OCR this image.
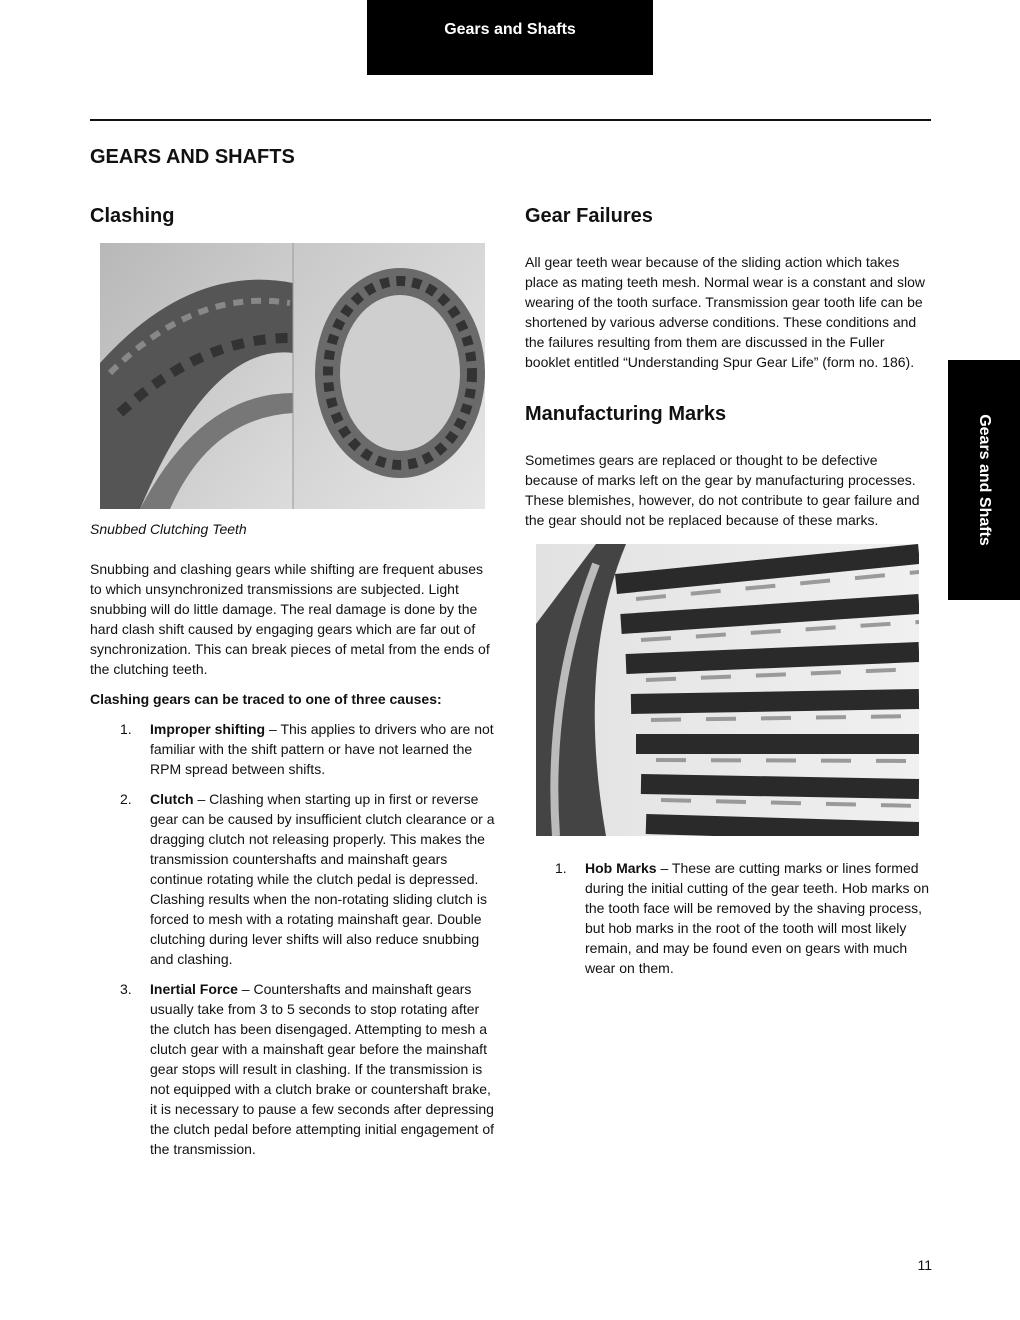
Gears and Shafts
GEARS AND SHAFTS
Clashing

Snubbed Clutching Teeth

Snubbing and clashing gears while shifting are frequent abuses to which unsynchronized transmissions are subjected. Light snubbing will do little damage. The real damage is done by the hard clash shift caused by engaging gears which are far out of synchronization. This can break pieces of metal from the ends of the clutching teeth.

Clashing gears can be traced to one of three causes:

1. Improper shifting – This applies to drivers who are not familiar with the shift pattern or have not learned the RPM spread between shifts.
2. Clutch – Clashing when starting up in first or reverse gear can be caused by insufficient clutch clearance or a dragging clutch not releasing properly. This makes the transmission countershafts and mainshaft gears continue rotating while the clutch pedal is depressed. Clashing results when the non-rotating sliding clutch is forced to mesh with a rotating mainshaft gear. Double clutching during lever shifts will also reduce snubbing and clashing.
3. Inertial Force – Countershafts and mainshaft gears usually take from 3 to 5 seconds to stop rotating after the clutch has been disengaged. Attempting to mesh a clutch gear with a mainshaft gear before the mainshaft gear stops will result in clashing. If the transmission is not equipped with a clutch brake or countershaft brake, it is necessary to pause a few seconds after depressing the clutch pedal before attempting initial engagement of the transmission.
Gear Failures

All gear teeth wear because of the sliding action which takes place as mating teeth mesh. Normal wear is a constant and slow wearing of the tooth surface. Transmission gear tooth life can be shortened by various adverse conditions. These conditions and the failures resulting from them are discussed in the Fuller booklet entitled “Understanding Spur Gear Life” (form no. 186).

Manufacturing Marks

Sometimes gears are replaced or thought to be defective because of marks left on the gear by manufacturing processes. These blemishes, however, do not contribute to gear failure and the gear should not be replaced because of these marks.

1. Hob Marks – These are cutting marks or lines formed during the initial cutting of the gear teeth. Hob marks on the tooth face will be removed by the shaving process, but hob marks in the root of the tooth will most likely remain, and may be found even on gears with much wear on them.
Gears and Shafts
11
